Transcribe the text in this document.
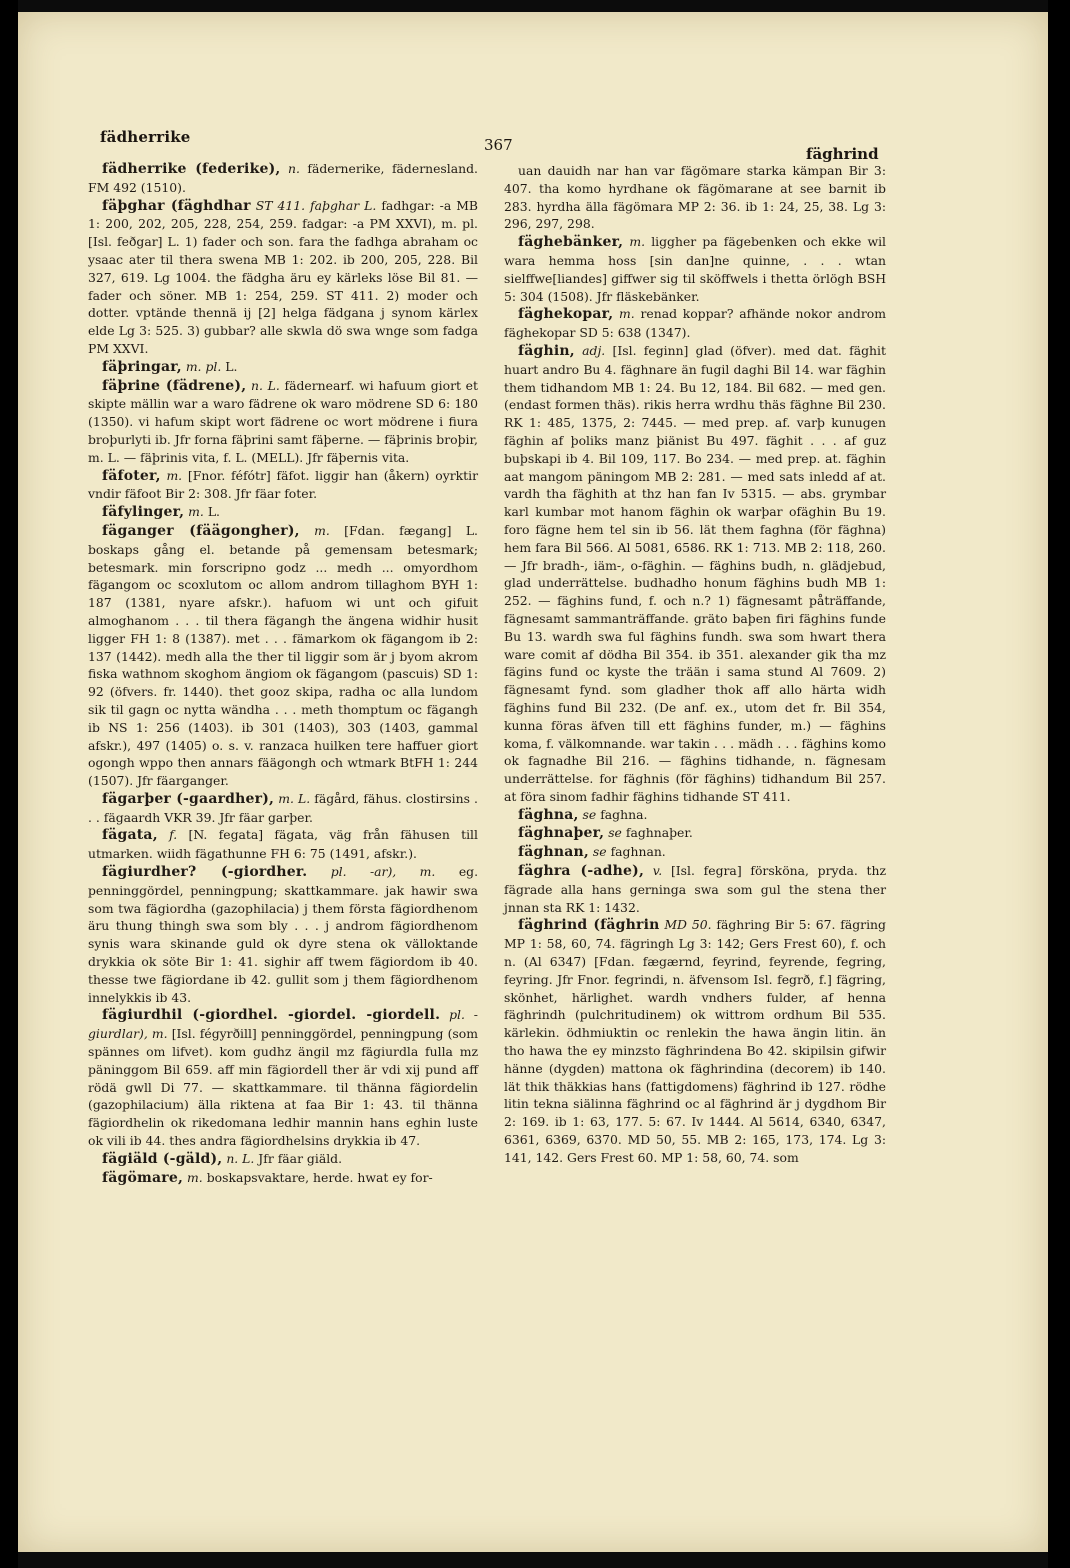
fädherrike	367	fäghrind

fädherrike (federike), n. fädernerike, fädernesland. FM 492 (1510).

fäþghar (fäghdhar ST 411. faþghar L. fadhgar: -a MB 1: 200, 202, 205, 228, 254, 259. fadgar: -a PM XXVI), m. pl. [Isl. feðgar] L. 1) fader och son. fara the fadhga abraham oc ysaac ater til thera swena MB 1: 202. ib 200, 205, 228. Bil 327, 619. Lg 1004. the fädgha äru ey kärleks löse Bil 81. — fader och söner. MB 1: 254, 259. ST 411. 2) moder och dotter. vptände thennä ij [2] helga fädgana j synom kärlex elde Lg 3: 525. 3) gubbar? alle skwla dö swa wnge som fadga PM XXVI.

fäþringar, m. pl. L.

fäþrine (fädrene), n. L. fädernearf. wi hafuum giort et skipte mällin war a waro fädrene ok waro mödrene SD 6: 180 (1350). vi hafum skipt wort fädrene oc wort mödrene i fiura broþurlyti ib. Jfr forna fäþrini samt fäþerne. — fäþrinis broþir, m. L. — fäþrinis vita, f. L. (MELL). Jfr fäþernis vita.

fäfoter, m. [Fnor. féfótr] fäfot. liggir han (åkern) oyrktir vndir fäfoot Bir 2: 308. Jfr fäar foter.

fäfylinger, m. L.

fäganger (fäägongher), m. [Fdan. fægang] L. boskaps gång el. betande på gemensam betesmark; betesmark. min forscripno godz ... medh ... omyordhom fägangom oc scoxlutom oc allom androm tillaghom BYH 1: 187 (1381, nyare afskr.). hafuom wi unt och gifuit almoghanom . . . til thera fägangh the ängena widhir husit ligger FH 1: 8 (1387). met . . . fämarkom ok fägangom ib 2: 137 (1442). medh alla the ther til liggir som är j byom akrom fiska wathnom skoghom ängiom ok fägangom (pascuis) SD 1: 92 (öfvers. fr. 1440). thet gooz skipa, radha oc alla lundom sik til gagn oc nytta wändha . . . meth thomptum oc fägangh ib NS 1: 256 (1403). ib 301 (1403), 303 (1403, gammal afskr.), 497 (1405) o. s. v. ranzaca huilken tere haffuer giort ogongh wppo then annars fäägongh och wtmark BtFH 1: 244 (1507). Jfr fäarganger.

fägarþer (-gaardher), m. L. fägård, fähus. clostirsins . . . fägaardh VKR 39. Jfr fäar garþer.

fägata, f. [N. fegata] fägata, väg från fähusen till utmarken. wiidh fägathunne FH 6: 75 (1491, afskr.).

fägiurdher? (-giordher. pl. -ar), m. eg. penninggördel, penningpung; skattkammare. jak hawir swa som twa fägiordha (gazophilacia) j them första fägiordhenom äru thung thingh swa som bly . . . j androm fägiordhenom synis wara skinande guld ok dyre stena ok välloktande drykkia ok söte Bir 1: 41. sighir aff twem fägiordom ib 40. thesse twe fägiordane ib 42. gullit som j them fägiordhenom innelykkis ib 43.

fägiurdhil (-giordhel. -giordel. -giordell. pl. -giurdlar), m. [Isl. fégyrðill] penninggördel, penningpung (som spännes om lifvet). kom gudhz ängil mz fägiurdla fulla mz päninggom Bil 659. aff min fägiordell ther är vdi xij pund aff rödä gwll Di 77. — skattkammare. til thänna fägiordelin (gazophilacium) älla riktena at faa Bir 1: 43. til thänna fägiordhelin ok rikedomana ledhir mannin hans eghin luste ok vili ib 44. thes andra fägiordhelsins drykkia ib 47.

fägiäld (-gäld), n. L. Jfr fäar giäld.

fägömare, m. boskapsvaktare, herde. hwat ey for-

uan dauidh nar han var fägömare starka kämpan Bir 3: 407. tha komo hyrdhane ok fägömarane at see barnit ib 283. hyrdha älla fägömara MP 2: 36. ib 1: 24, 25, 38. Lg 3: 296, 297, 298.

fäghebänker, m. liggher pa fägebenken och ekke wil wara hemma hoss [sin dan]ne quinne, . . . wtan sielffwe[liandes] giffwer sig til sköffwels i thetta örlögh BSH 5: 304 (1508). Jfr fläskebänker.

fäghekopar, m. renad koppar? afhände nokor androm fäghekopar SD 5: 638 (1347).

fäghin, adj. [Isl. feginn] glad (öfver). med dat. fäghit huart andro Bu 4. fäghnare än fugil daghi Bil 14. war fäghin them tidhandom MB 1: 24. Bu 12, 184. Bil 682. — med gen. (endast formen thäs). rikis herra wrdhu thäs fäghne Bil 230. RK 1: 485, 1375, 2: 7445. — med prep. af. varþ kunugen fäghin af þoliks manz þiänist Bu 497. fäghit . . . af guz buþskapi ib 4. Bil 109, 117. Bo 234. — med prep. at. fäghin aat mangom päningom MB 2: 281. — med sats inledd af at. vardh tha fäghith at thz han fan Iv 5315. — abs. grymbar karl kumbar mot hanom fäghin ok warþar ofäghin Bu 19. foro fägne hem tel sin ib 56. lät them faghna (för fäghna) hem fara Bil 566. Al 5081, 6586. RK 1: 713. MB 2: 118, 260. — Jfr bradh-, iäm-, o-fäghin. — fäghins budh, n. glädjebud, glad underrättelse. budhadho honum fäghins budh MB 1: 252. — fäghins fund, f. och n.? 1) fägnesamt påträffande, fägnesamt sammanträffande. gräto baþen firi fäghins funde Bu 13. wardh swa ful fäghins fundh. swa som hwart thera ware comit af dödha Bil 354. ib 351. alexander gik tha mz fägins fund oc kyste the trään i sama stund Al 7609. 2) fägnesamt fynd. som gladher thok aff allo härta widh fäghins fund Bil 232. (De anf. ex., utom det fr. Bil 354, kunna föras äfven till ett fäghins funder, m.) — fäghins koma, f. välkomnande. war takin . . . mädh . . . fäghins komo ok fagnadhe Bil 216. — fäghins tidhande, n. fägnesam underrättelse. for fäghnis (för fäghins) tidhandum Bil 257. at föra sinom fadhir fäghins tidhande ST 411.

fäghna, se faghna.

fäghnaþer, se faghnaþer.

fäghnan, se faghnan.

fäghra (-adhe), v. [Isl. fegra] försköna, pryda. thz fägrade alla hans gerninga swa som gul the stena ther jnnan sta RK 1: 1432.

fäghrind (fäghrin MD 50. fäghring Bir 5: 67. fägring MP 1: 58, 60, 74. fägringh Lg 3: 142; Gers Frest 60), f. och n. (Al 6347) [Fdan. fægærnd, feyrind, feyrende, fegring, feyring. Jfr Fnor. fegrindi, n. äfvensom Isl. fegrð, f.] fägring, skönhet, härlighet. wardh vndhers fulder, af henna fäghrindh (pulchritudinem) ok wittrom ordhum Bil 535. kärlekin. ödhmiuktin oc renlekin the hawa ängin litin. än tho hawa the ey minzsto fäghrindena Bo 42. skipilsin gifwir hänne (dygden) mattona ok fäghrindina (decorem) ib 140. lät thik thäkkias hans (fattigdomens) fäghrind ib 127. rödhe litin tekna siälinna fäghrind oc al fäghrind är j dygdhom Bir 2: 169. ib 1: 63, 177. 5: 67. Iv 1444. Al 5614, 6340, 6347, 6361, 6369, 6370. MD 50, 55. MB 2: 165, 173, 174. Lg 3: 141, 142. Gers Frest 60. MP 1: 58, 60, 74. som
